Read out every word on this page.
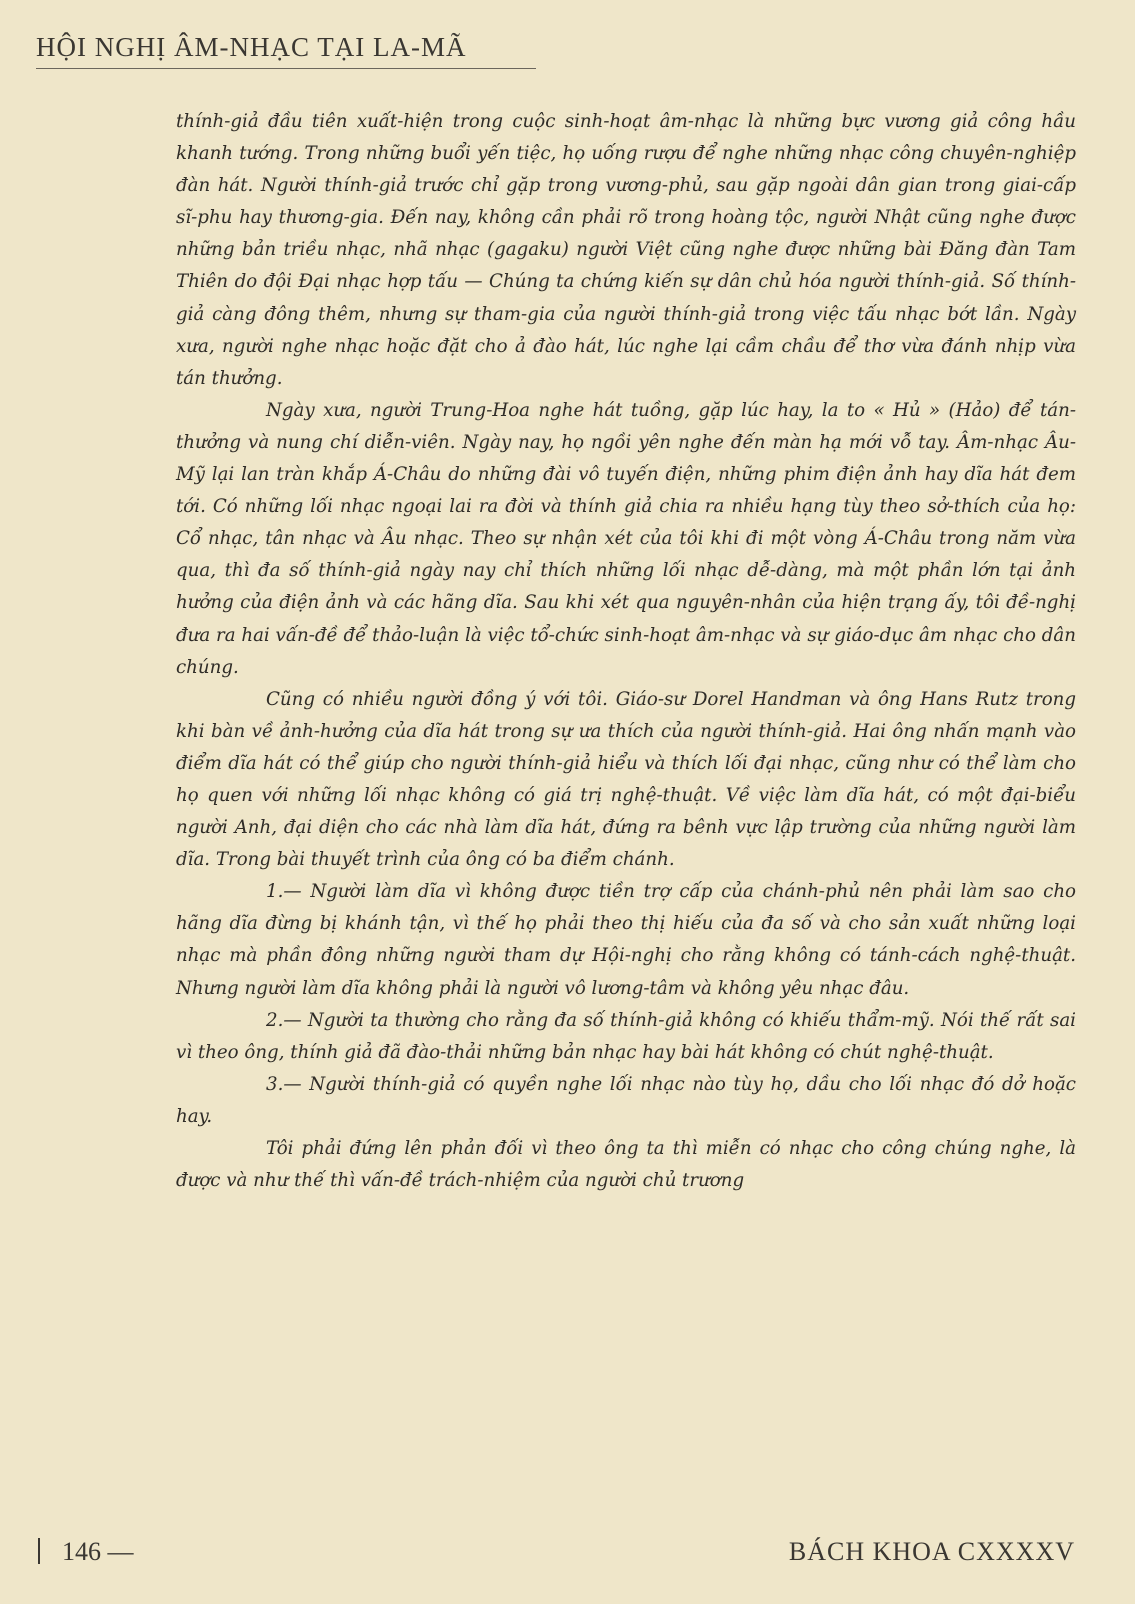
HỘI NGHỊ ÂM-NHẠC TẠI LA-MÃ

thính-giả đầu tiên xuất-hiện trong cuộc sinh-hoạt âm-nhạc là những bực vương giả công hầu khanh tướng. Trong những buổi yến tiệc, họ uống rượu để nghe những nhạc công chuyên-nghiệp đàn hát. Người thính-giả trước chỉ gặp trong vương-phủ, sau gặp ngoài dân gian trong giai-cấp sĩ-phu hay thương-gia. Đến nay, không cần phải rõ trong hoàng tộc, người Nhật cũng nghe được những bản triều nhạc, nhã nhạc (gagaku) người Việt cũng nghe được những bài Đăng đàn Tam Thiên do đội Đại nhạc hợp tấu — Chúng ta chứng kiến sự dân chủ hóa người thính-giả. Số thính-giả càng đông thêm, nhưng sự tham-gia của người thính-giả trong việc tấu nhạc bớt lần. Ngày xưa, người nghe nhạc hoặc đặt cho ả đào hát, lúc nghe lại cầm chầu để thơ vừa đánh nhịp vừa tán thưởng.

Ngày xưa, người Trung-Hoa nghe hát tuồng, gặp lúc hay, la to « Hủ » (Hảo) để tán-thưởng và nung chí diễn-viên. Ngày nay, họ ngồi yên nghe đến màn hạ mới vỗ tay. Âm-nhạc Âu-Mỹ lại lan tràn khắp Á-Châu do những đài vô tuyến điện, những phim điện ảnh hay dĩa hát đem tới. Có những lối nhạc ngoại lai ra đời và thính giả chia ra nhiều hạng tùy theo sở-thích của họ: Cổ nhạc, tân nhạc và Âu nhạc. Theo sự nhận xét của tôi khi đi một vòng Á-Châu trong năm vừa qua, thì đa số thính-giả ngày nay chỉ thích những lối nhạc dễ-dàng, mà một phần lớn tại ảnh hưởng của điện ảnh và các hãng dĩa. Sau khi xét qua nguyên-nhân của hiện trạng ấy, tôi đề-nghị đưa ra hai vấn-đề để thảo-luận là việc tổ-chức sinh-hoạt âm-nhạc và sự giáo-dục âm nhạc cho dân chúng.

Cũng có nhiều người đồng ý với tôi. Giáo-sư Dorel Handman và ông Hans Rutz trong khi bàn về ảnh-hưởng của dĩa hát trong sự ưa thích của người thính-giả. Hai ông nhấn mạnh vào điểm dĩa hát có thể giúp cho người thính-giả hiểu và thích lối đại nhạc, cũng như có thể làm cho họ quen với những lối nhạc không có giá trị nghệ-thuật. Về việc làm dĩa hát, có một đại-biểu người Anh, đại diện cho các nhà làm dĩa hát, đứng ra bênh vực lập trường của những người làm dĩa. Trong bài thuyết trình của ông có ba điểm chánh.

1.— Người làm dĩa vì không được tiền trợ cấp của chánh-phủ nên phải làm sao cho hãng dĩa đừng bị khánh tận, vì thế họ phải theo thị hiếu của đa số và cho sản xuất những loại nhạc mà phần đông những người tham dự Hội-nghị cho rằng không có tánh-cách nghệ-thuật. Nhưng người làm dĩa không phải là người vô lương-tâm và không yêu nhạc đâu.

2.— Người ta thường cho rằng đa số thính-giả không có khiếu thẩm-mỹ. Nói thế rất sai vì theo ông, thính giả đã đào-thải những bản nhạc hay bài hát không có chút nghệ-thuật.

3.— Người thính-giả có quyền nghe lối nhạc nào tùy họ, dầu cho lối nhạc đó dở hoặc hay.

Tôi phải đứng lên phản đối vì theo ông ta thì miễn có nhạc cho công chúng nghe, là được và như thế thì vấn-đề trách-nhiệm của người chủ trương

146 —	BÁCH KHOA CXXXXV
